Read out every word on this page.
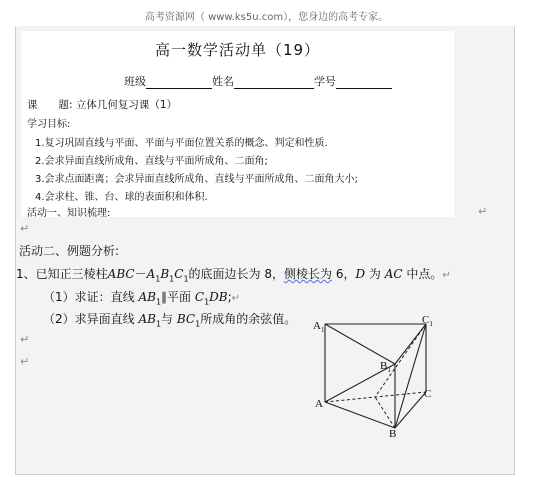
高考资源网（ www.ks5u.com），您身边的高考专家。
高一数学活动单（19）
班级	姓名	学号
课　　题: 立体几何复习课（1）
学习目标:
1.复习巩固直线与平面、平面与平面位置关系的概念、判定和性质.
2.会求异面直线所成角、直线与平面所成角、二面角;
3.会求点面距离；会求异面直线所成角、直线与平面所成角、二面角大小;
4.会求柱、锥、台、球的表面积和体积.
活动一、知识梳理:	↵
↵
活动二、例题分析:
1、已知正三棱柱$ABC-A_1B_1C_1$的底面边长为 8，侧棱长为 6，D 为 AC 中点。↵
（1）求证：直线 $AB_1\parallel$平面 $C_1DB;↵$
（2）求异面直线 $AB_1$与 $BC_1$所成角的余弦值。
↵
↵
$A_1$
$C_1$
$B_1$
A
C
B
